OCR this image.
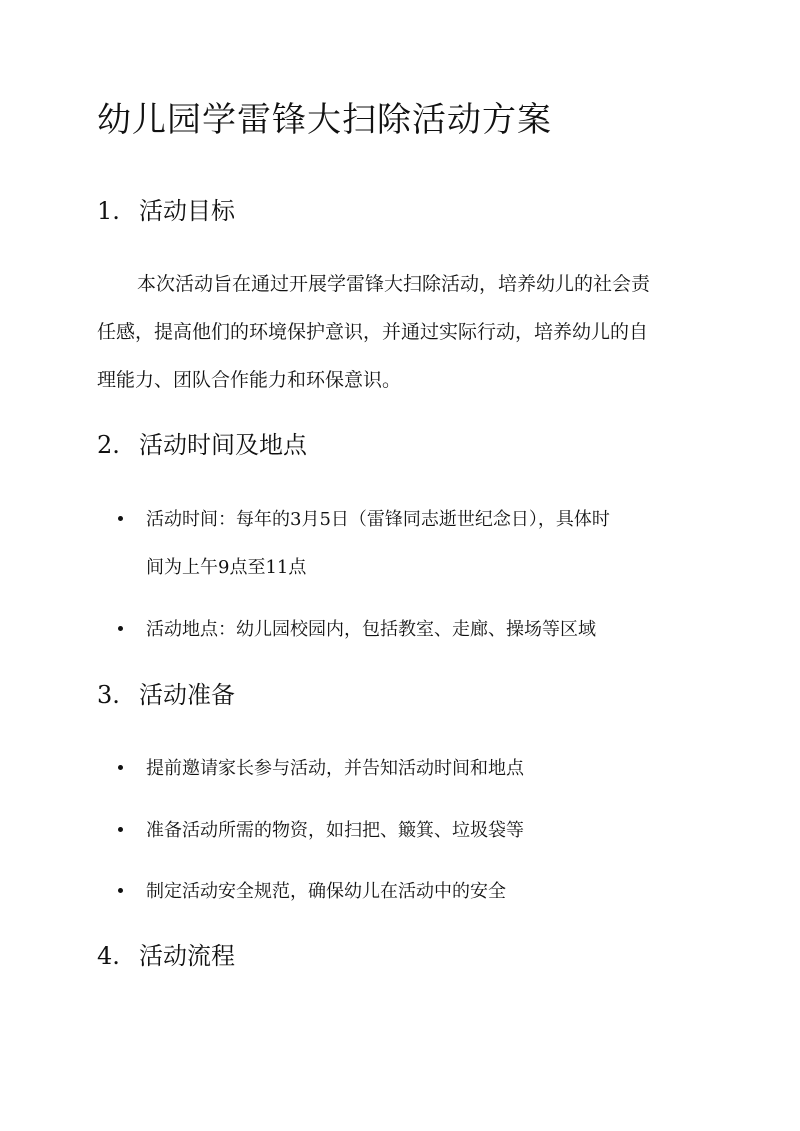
幼儿园学雷锋大扫除活动方案
1. 活动目标

本次活动旨在通过开展学雷锋大扫除活动，培养幼儿的社会责
任感，提高他们的环境保护意识，并通过实际行动，培养幼儿的自
理能力、团队合作能力和环保意识。

2. 活动时间及地点
活动时间：每年的3月5日（雷锋同志逝世纪念日），具体时
间为上午9点至11点
活动地点：幼儿园校园内，包括教室、走廊、操场等区域
3. 活动准备
提前邀请家长参与活动，并告知活动时间和地点
准备活动所需的物资，如扫把、簸箕、垃圾袋等
制定活动安全规范，确保幼儿在活动中的安全
4. 活动流程
